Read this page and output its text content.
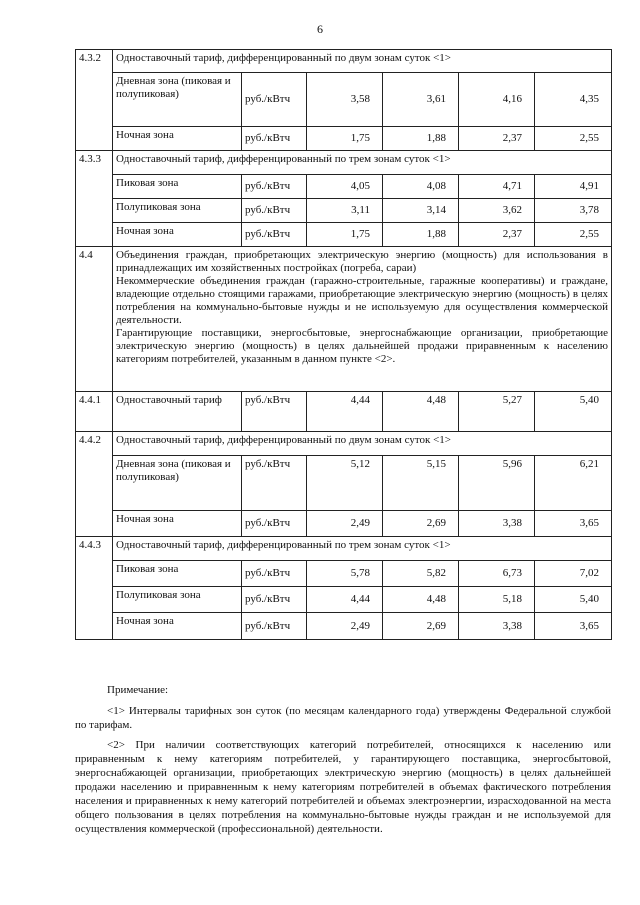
6
4.3.2	Одноставочный тариф, дифференцированный по двум зонам суток <1>					
	Дневная зона (пиковая и полупиковая)	руб./кВтч	3,58	3,61	4,16	4,35
	Ночная зона	руб./кВтч	1,75	1,88	2,37	2,55
4.3.3	Одноставочный тариф, дифференцированный по трем зонам суток <1>					
	Пиковая зона	руб./кВтч	4,05	4,08	4,71	4,91
	Полупиковая зона	руб./кВтч	3,11	3,14	3,62	3,78
	Ночная зона	руб./кВтч	1,75	1,88	2,37	2,55
4.4	Объединения граждан, приобретающих электрическую энергию (мощность) для использования в принадлежащих им хозяйственных постройках (погреба, сараи)
Некоммерческие объединения граждан (гаражно-строительные, гаражные кооперативы) и граждане, владеющие отдельно стоящими гаражами, приобретающие электрическую энергию (мощность) в целях потребления на коммунально-бытовые нужды и не используемую для осуществления коммерческой деятельности.
Гарантирующие поставщики, энергосбытовые, энергоснабжающие организации, приобретающие электрическую энергию (мощность) в целях дальнейшей продажи приравненным к населению категориям потребителей, указанным в данном пункте <2>.					

4.4.1	Одноставочный тариф	руб./кВтч	4,44	4,48	5,27	5,40
4.4.2	Одноставочный тариф, дифференцированный по двум зонам суток <1>					
	Дневная зона (пиковая и полупиковая)	руб./кВтч	5,12	5,15	5,96	6,21
	Ночная зона	руб./кВтч	2,49	2,69	3,38	3,65
4.4.3	Одноставочный тариф, дифференцированный по трем зонам суток <1>					
	Пиковая зона	руб./кВтч	5,78	5,82	6,73	7,02
	Полупиковая зона	руб./кВтч	4,44	4,48	5,18	5,40
	Ночная зона	руб./кВтч	2,49	2,69	3,38	3,65

Примечание:

<1> Интервалы тарифных зон суток (по месяцам календарного года) утверждены Федеральной службой по тарифам.

<2> При наличии соответствующих категорий потребителей, относящихся к населению или приравненным к нему категориям потребителей, у гарантирующего поставщика, энергосбытовой, энергоснабжающей организации, приобретающих электрическую энергию (мощность) в целях дальнейшей продажи населению и приравненным к нему категориям потребителей в объемах фактического потребления населения и приравненных к нему категорий потребителей и объемах электроэнергии, израсходованной на места общего пользования в целях потребления на коммунально-бытовые нужды граждан и не используемой для осуществления коммерческой (профессиональной) деятельности.
